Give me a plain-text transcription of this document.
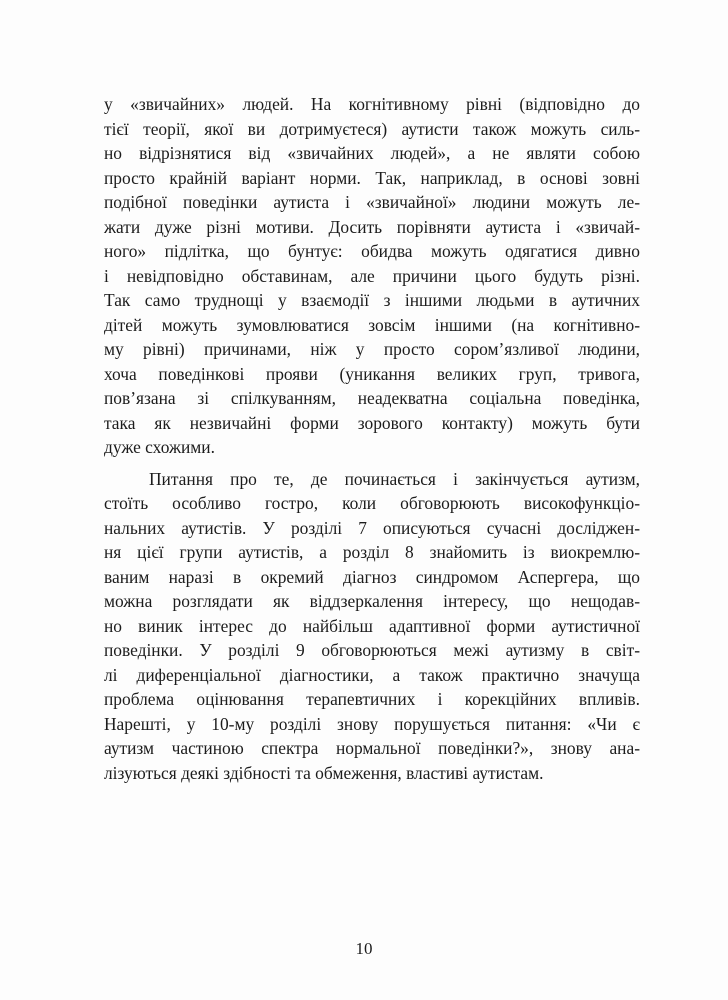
у «звичайних» людей. На когнітивному рівні (відповідно до
тієї теорії, якої ви дотримуєтеся) аутисти також можуть силь-
но відрізнятися від «звичайних людей», а не являти собою
просто крайній варіант норми. Так, наприклад, в основі зовні
подібної поведінки аутиста і «звичайної» людини можуть ле-
жати дуже різні мотиви. Досить порівняти аутиста і «звичай-
ного» підлітка, що бунтує: обидва можуть одягатися дивно
і невідповідно обставинам, але причини цього будуть різні.
Так само труднощі у взаємодії з іншими людьми в аутичних
дітей можуть зумовлюватися зовсім іншими (на когнітивно-
му рівні) причинами, ніж у просто сором’язливої людини,
хоча поведінкові прояви (уникання великих груп, тривога,
пов’язана зі спілкуванням, неадекватна соціальна поведінка,
така як незвичайні форми зорового контакту) можуть бути
дуже схожими.
Питання про те, де починається і закінчується аутизм,
стоїть особливо гостро, коли обговорюють високофункціо-
нальних аутистів. У розділі 7 описуються сучасні досліджен-
ня цієї групи аутистів, а розділ 8 знайомить із виокремлю-
ваним наразі в окремий діагноз синдромом Аспергера, що
можна розглядати як віддзеркалення інтересу, що нещодав-
но виник інтерес до найбільш адаптивної форми аутистичної
поведінки. У розділі 9 обговорюються межі аутизму в світ-
лі диференціальної діагностики, а також практично значуща
проблема оцінювання терапевтичних і корекційних впливів.
Нарешті, у 10-му розділі знову порушується питання: «Чи є
аутизм частиною спектра нормальної поведінки?», знову ана-
лізуються деякі здібності та обмеження, властиві аутистам.
10
